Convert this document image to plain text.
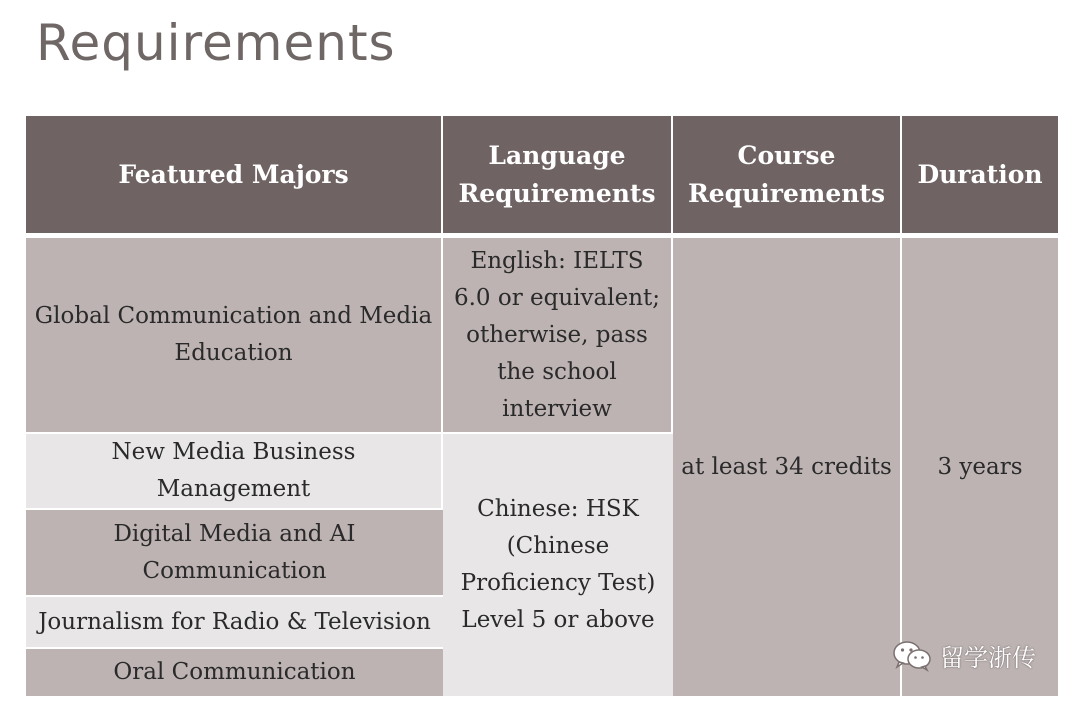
Requirements
Featured Majors	Language Requirements	Course Requirements	Duration
Global Communication and Media Education	English: IELTS 6.0 or equivalent; otherwise, pass the school interview	at least 34 credits	3 years
New Media Business Management	Chinese: HSK (Chinese Proficiency Test) Level 5 or above		
Digital Media and AI Communication			
Journalism for Radio & Television			
Oral Communication				留学浙传
